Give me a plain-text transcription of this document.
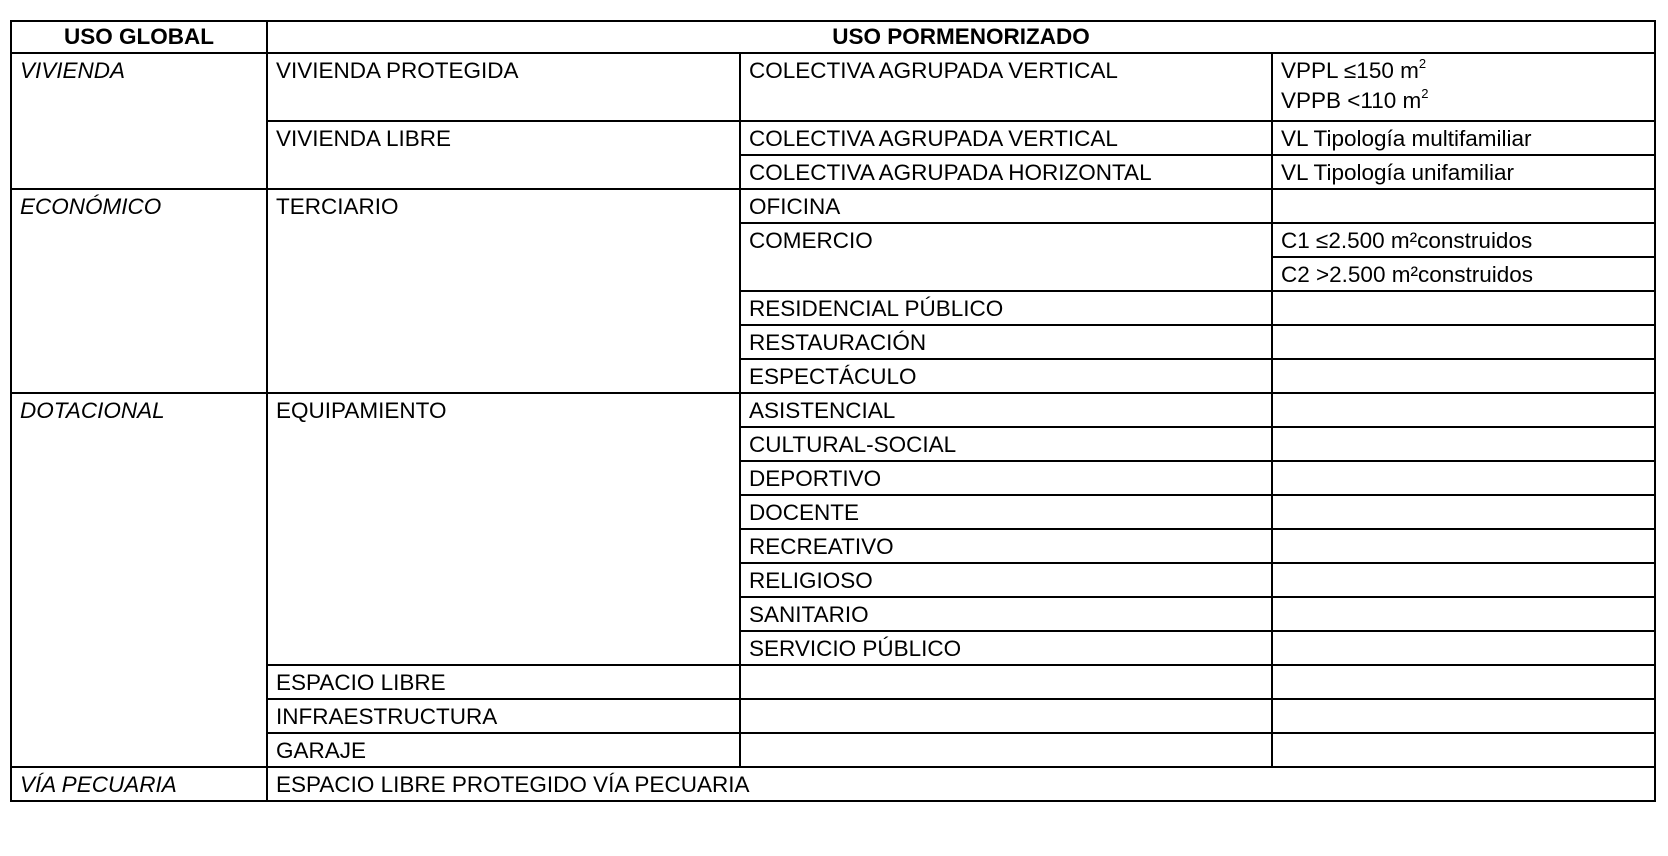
USO GLOBAL	USO PORMENORIZADO		
VIVIENDA	VIVIENDA PROTEGIDA	COLECTIVA AGRUPADA VERTICAL	VPPL ≤150 $m^2$
VPPB <110 $m^2$

	VIVIENDA LIBRE	COLECTIVA AGRUPADA VERTICAL	VL Tipología multifamiliar
		COLECTIVA AGRUPADA HORIZONTAL	VL Tipología unifamiliar
ECONÓMICO	TERCIARIO	OFICINA	
		COMERCIO	C1 ≤2.500 m²construidos
			C2 >2.500 m²construidos
		RESIDENCIAL PÚBLICO	
		RESTAURACIÓN	
		ESPECTÁCULO	
DOTACIONAL	EQUIPAMIENTO	ASISTENCIAL	
		CULTURAL-SOCIAL	
		DEPORTIVO	
		DOCENTE	
		RECREATIVO	
		RELIGIOSO	
		SANITARIO	
		SERVICIO PÚBLICO	
	ESPACIO LIBRE		
	INFRAESTRUCTURA		
	GARAJE		
VÍA PECUARIA	ESPACIO LIBRE PROTEGIDO VÍA PECUARIA		
